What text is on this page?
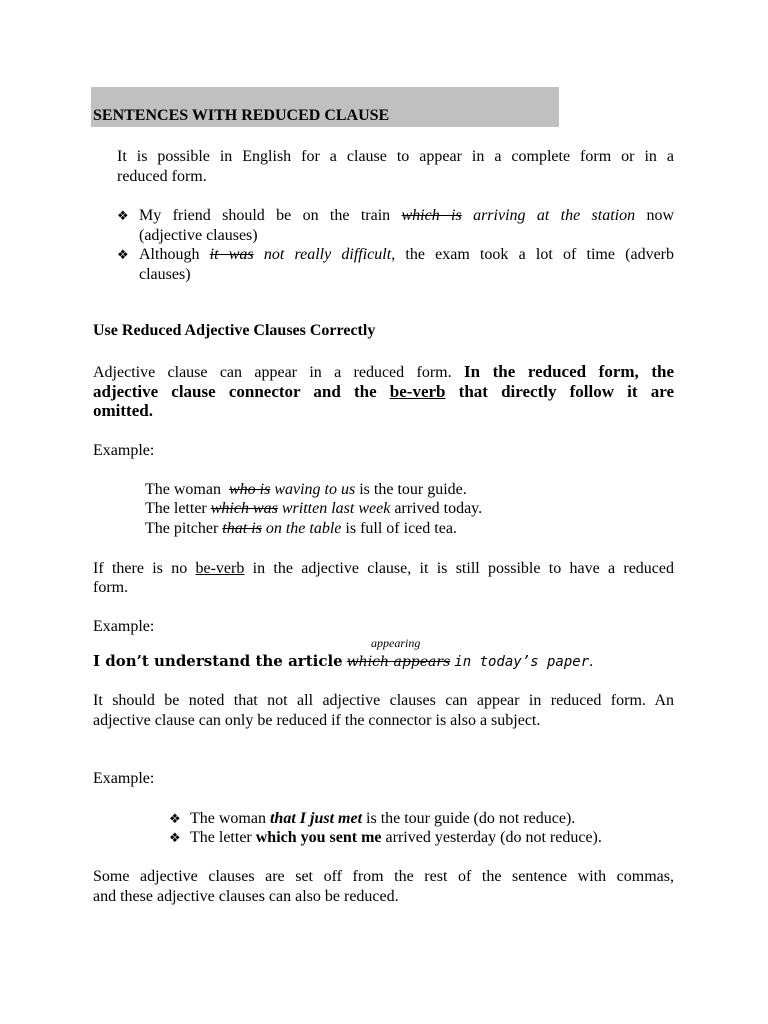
SENTENCES WITH REDUCED CLAUSE
It is possible in English for a clause to appear in a complete form or in a
reduced form.
❖ My friend should be on the train which is arriving at the station now
(adjective clauses)
❖ Although it was not really difficult, the exam took a lot of time (adverb
clauses)
Use Reduced Adjective Clauses Correctly
Adjective clause can appear in a reduced form. In the reduced form, the
adjective clause connector and the be-verb that directly follow it are
omitted.
Example:
The woman who is waving to us is the tour guide.
The letter which was written last week arrived today.
The pitcher that is on the table is full of iced tea.
If there is no be-verb in the adjective clause, it is still possible to have a reduced
form.
Example:
appearing
I don’t understand the article which appears in today’s paper.
It should be noted that not all adjective clauses can appear in reduced form. An
adjective clause can only be reduced if the connector is also a subject.
Example:
❖ The woman that I just met is the tour guide (do not reduce).
❖ The letter which you sent me arrived yesterday (do not reduce).
Some adjective clauses are set off from the rest of the sentence with commas,
and these adjective clauses can also be reduced.
